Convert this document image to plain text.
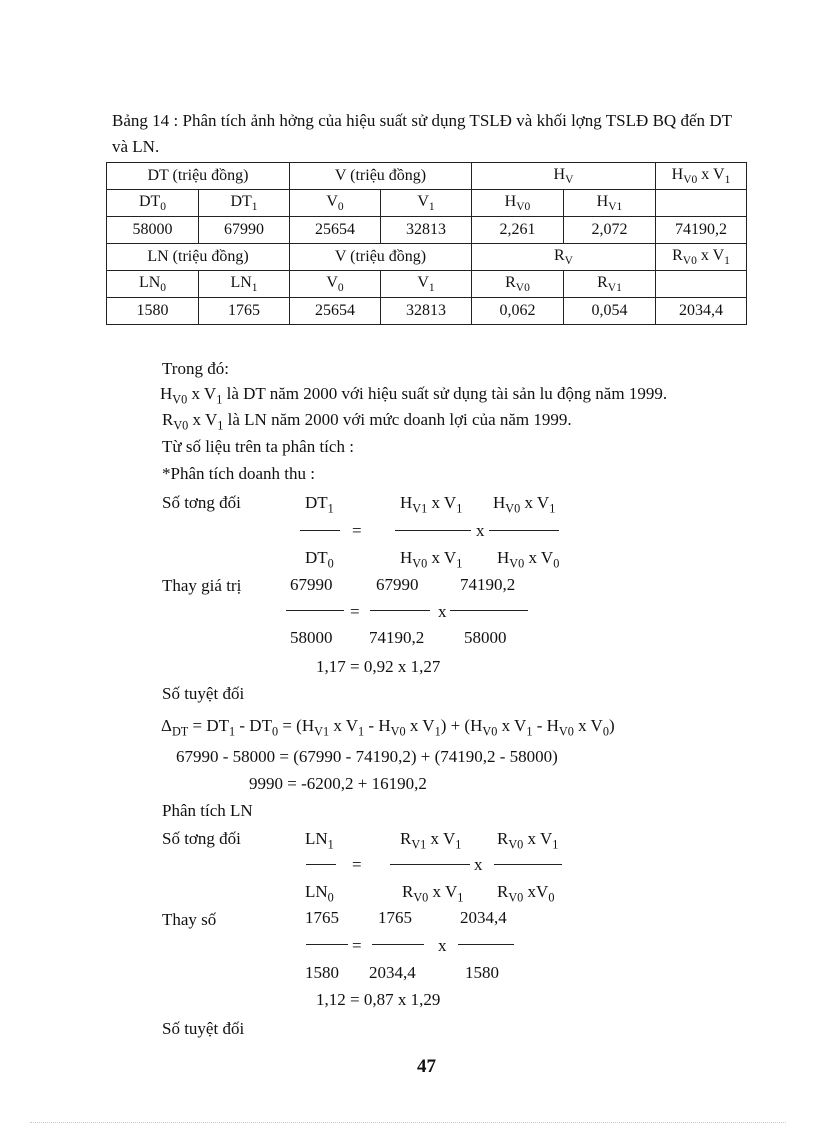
Bảng 14 : Phân tích ảnh hởng của hiệu suất sử dụng TSLĐ và khối lợng TSLĐ BQ đến DT và LN.
DT (triệu đồng)		V (triệu đồng)		$H_V$		$H_{V0}$ x $V_1$
$DT_0$	$DT_1$	$V_0$	$V_1$	$H_{V0}$	$H_{V1}$	
58000	67990	25654	32813	2,261	2,072	74190,2
LN (triệu đồng)		V (triệu đồng)		$R_V$		$R_{V0}$ x $V_1$
$LN_0$	$LN_1$	$V_0$	$V_1$	$R_{V0}$	$R_{V1}$	
1580	1765	25654	32813	0,062	0,054	2034,4
Trong đó:
$H_{V0}$ x $V_1$ là DT năm 2000 với hiệu suất sử dụng tài sản lu động năm 1999.
$R_{V0}$ x $V_1$ là LN năm 2000 với mức doanh lợi của năm 1999.
Từ số liệu trên ta phân tích :
*Phân tích doanh thu :
Số tơng đối	$DT_1$	$H_{V1}$ x $V_1$ $H_{V0}$ x $V_1$
=	x
$DT_0$	$H_{V0}$ x $V_1$ $H_{V0}$ x $V_0$
Thay giá trị	67990	67990 74190,2
=	x
58000 74190,2 58000
1,17 = 0,92 x 1,27
Số tuyệt đối
$\Delta_{DT} = DT_1 - DT_0 = (H_{V1}$ x $V_1 - H_{V0}$ x $V_1) + (H_{V0}$ x $V_1 - H_{V0}$ x $V_0$)
67990 - 58000 = (67990 - 74190,2) + (74190,2 - 58000)
9990 = -6200,2 + 16190,2
Phân tích LN
Số tơng đối	$LN_1$	$R_{V1}$ x $V_1$ $R_{V0}$ x $V_1$
=	x
$LN_0$	$R_{V0}$ x $V_1$ $R_{V0}$ $xV_0$
Thay số	1765 1765	2034,4
=	x
1580 2034,4	1580
1,12 = 0,87 x 1,29
Số tuyệt đối
47
